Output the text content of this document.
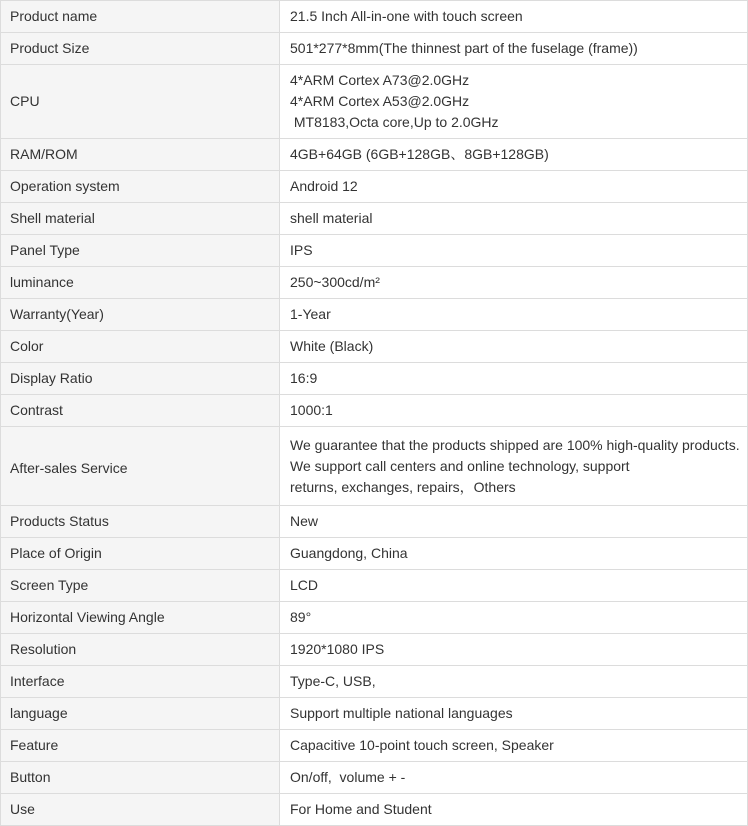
Product name	21.5 Inch All-in-one with touch screen

Product Size	501*277*8mm(The thinnest part of the fuselage (frame))

CPU	4*ARM Cortex A73@2.0GHz
4*ARM Cortex A53@2.0GHz
MT8183,Octa core,Up to 2.0GHz

RAM/ROM	4GB+64GB (6GB+128GB、8GB+128GB)

Operation system	Android 12

Shell material	shell material

Panel Type	IPS

luminance	250~300cd/m²

Warranty(Year)	1-Year

Color	White (Black)

Display Ratio	16:9

Contrast	1000:1

After-sales Service	We guarantee that the products shipped are 100% high-quality products. We support call centers and online technology, support
returns, exchanges, repairs，Others

Products Status	New

Place of Origin	Guangdong, China

Screen Type	LCD

Horizontal Viewing Angle	89°

Resolution	1920*1080 IPS

Interface	Type-C, USB,

language	Support multiple national languages

Feature	Capacitive 10-point touch screen, Speaker

Button	On/off,  volume + -

Use	For Home and Student
